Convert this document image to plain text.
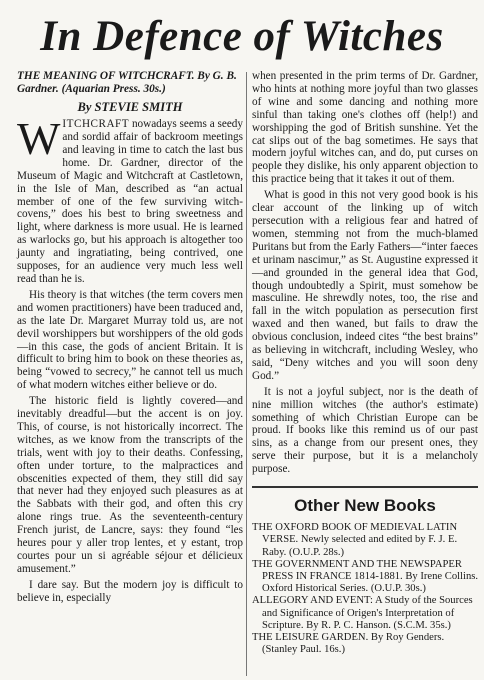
In Defence of Witches
THE MEANING OF WITCHCRAFT. By G. B. Gardner. (Aquarian Press. 30s.)
By STEVIE SMITH

WITCHCRAFT nowadays seems a seedy and sordid affair of backroom meetings and leaving in time to catch the last bus home. Dr. Gardner, director of the Museum of Magic and Witchcraft at Castletown, in the Isle of Man, described as “an actual member of one of the few surviving witch-covens,” does his best to bring sweetness and light, where darkness is more usual. He is learned as warlocks go, but his approach is altogether too jaunty and ingratiating, being contrived, one supposes, for an audience very much less well read than he is.

His theory is that witches (the term covers men and women practitioners) have been traduced and, as the late Dr. Margaret Murray told us, are not devil worshippers but worshippers of the old gods—in this case, the gods of ancient Britain. It is difficult to bring him to book on these theories as, being “vowed to secrecy,” he cannot tell us much of what modern witches either believe or do.

The historic field is lightly covered—and inevitably dreadful—but the accent is on joy. This, of course, is not historically incorrect. The witches, as we know from the transcripts of the trials, went with joy to their deaths. Confessing, often under torture, to the malpractices and obscenities expected of them, they still did say that never had they enjoyed such pleasures as at the Sabbats with their god, and often this cry alone rings true. As the seventeenth-century French jurist, de Lancre, says: they found “les heures pour y aller trop lentes, et y estant, trop courtes pour un si agréable séjour et délicieux amusement.”

I dare say. But the modern joy is difficult to believe in, especially

when presented in the prim terms of Dr. Gardner, who hints at nothing more joyful than two glasses of wine and some dancing and nothing more sinful than taking one's clothes off (help!) and worshipping the god of British sunshine. Yet the cat slips out of the bag sometimes. He says that modern joyful witches can, and do, put curses on people they dislike, his only apparent objection to this practice being that it takes it out of them.

What is good in this not very good book is his clear account of the linking up of witch persecution with a religious fear and hatred of women, stemming not from the much-blamed Puritans but from the Early Fathers—“inter faeces et urinam nascimur,” as St. Augustine expressed it—and grounded in the general idea that God, though undoubtedly a Spirit, must somehow be masculine. He shrewdly notes, too, the rise and fall in the witch population as persecution first waxed and then waned, but fails to draw the obvious conclusion, indeed cites “the best brains” as believing in witchcraft, including Wesley, who said, “Deny witches and you will soon deny God.”

It is not a joyful subject, nor is the death of nine million witches (the author's estimate) something of which Christian Europe can be proud. If books like this remind us of our past sins, as a change from our present ones, they serve their purpose, but it is a melancholy purpose.

Other New Books

THE OXFORD BOOK OF MEDIEVAL LATIN VERSE. Newly selected and edited by F. J. E. Raby. (O.U.P. 28s.)

THE GOVERNMENT AND THE NEWSPAPER PRESS IN FRANCE 1814-1881. By Irene Collins. Oxford Historical Series. (O.U.P. 30s.)

ALLEGORY AND EVENT: A Study of the Sources and Significance of Origen's Interpretation of Scripture. By R. P. C. Hanson. (S.C.M. 35s.)

THE LEISURE GARDEN. By Roy Genders. (Stanley Paul. 16s.)
